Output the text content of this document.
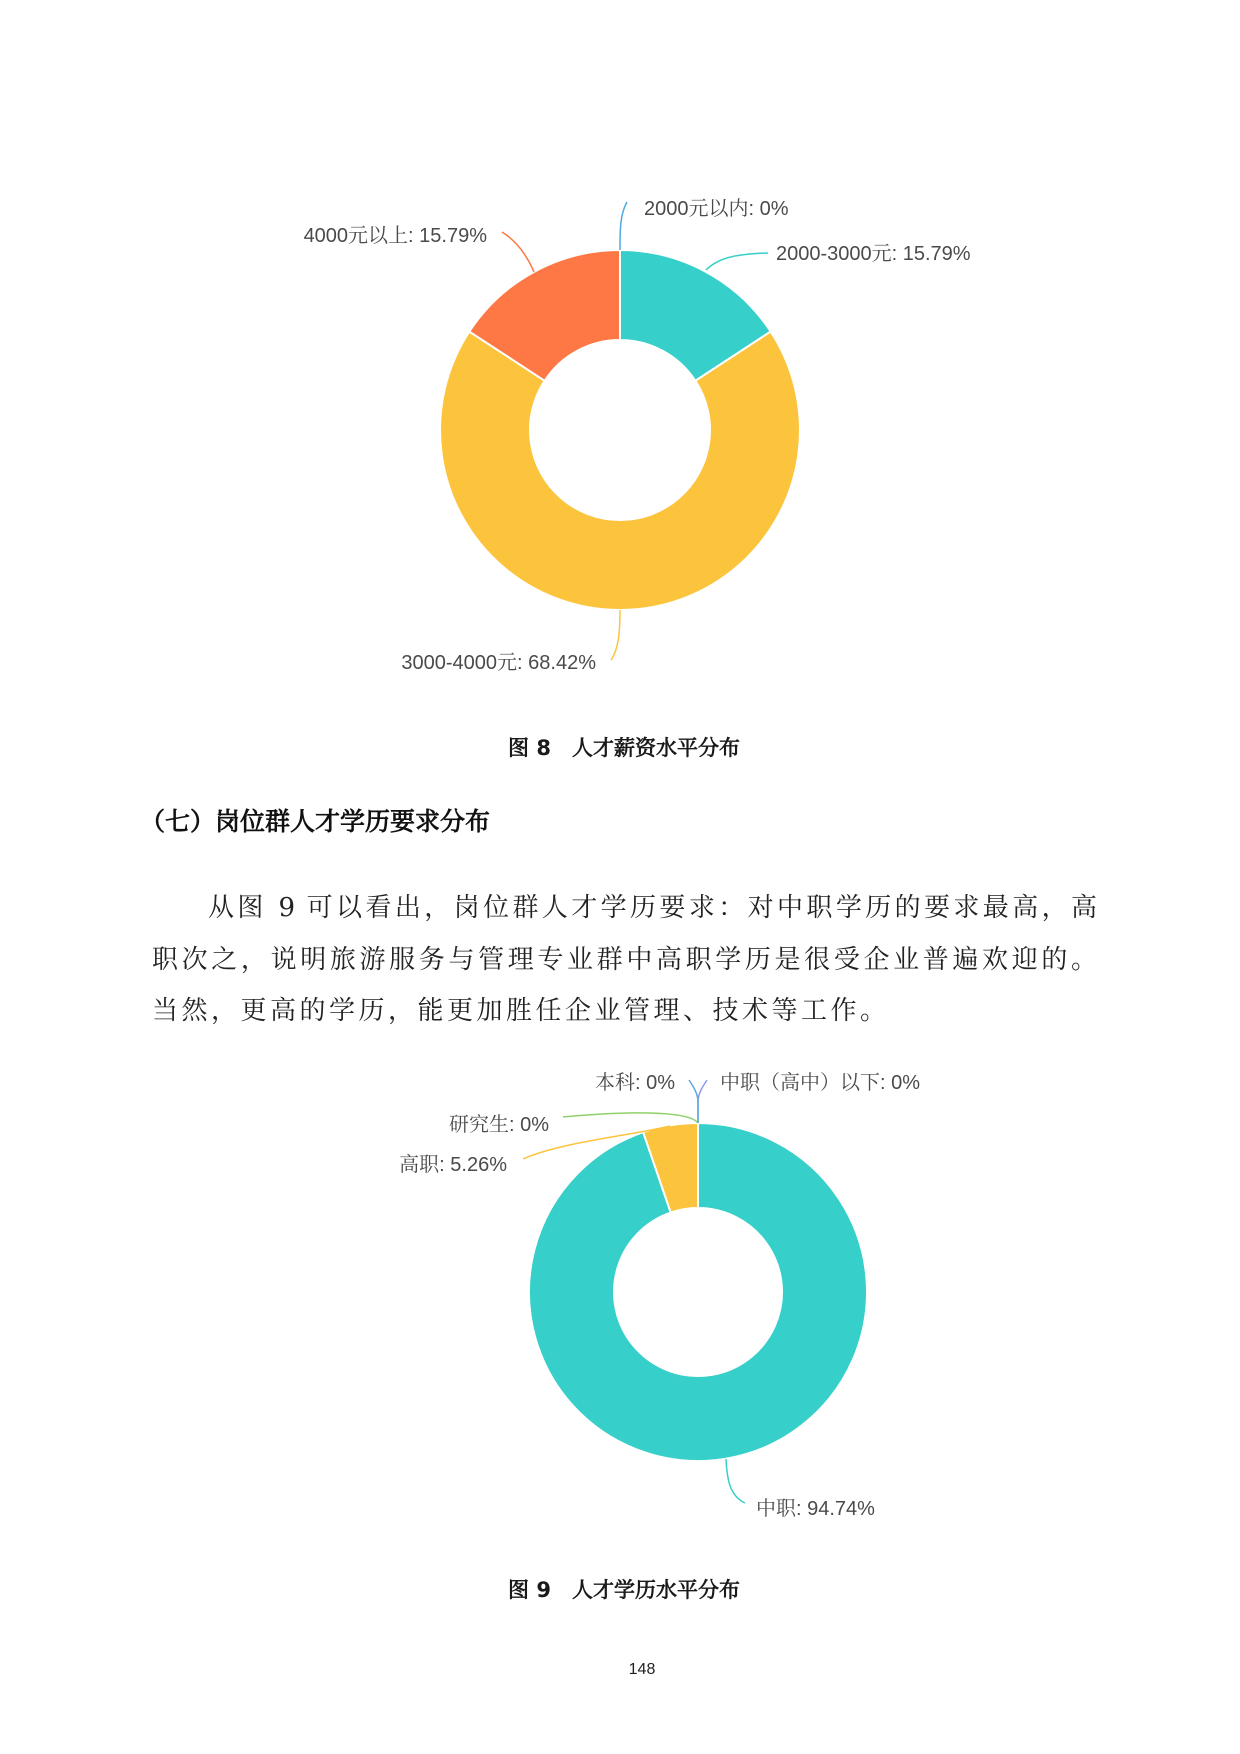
2000元以内: 0%
2000-3000元: 15.79%
3000-4000元: 68.42%
4000元以上: 15.79%
图 8　人才薪资水平分布
（七）岗位群人才学历要求分布
从图 9 可以看出，岗位群人才学历要求：对中职学历的要求最高，高
职次之，说明旅游服务与管理专业群中高职学历是很受企业普遍欢迎的。
当然，更高的学历，能更加胜任企业管理、技术等工作。
中职（高中）以下: 0%
中职: 94.74%
高职: 5.26%
研究生: 0%
本科: 0%
图 9　人才学历水平分布
148
